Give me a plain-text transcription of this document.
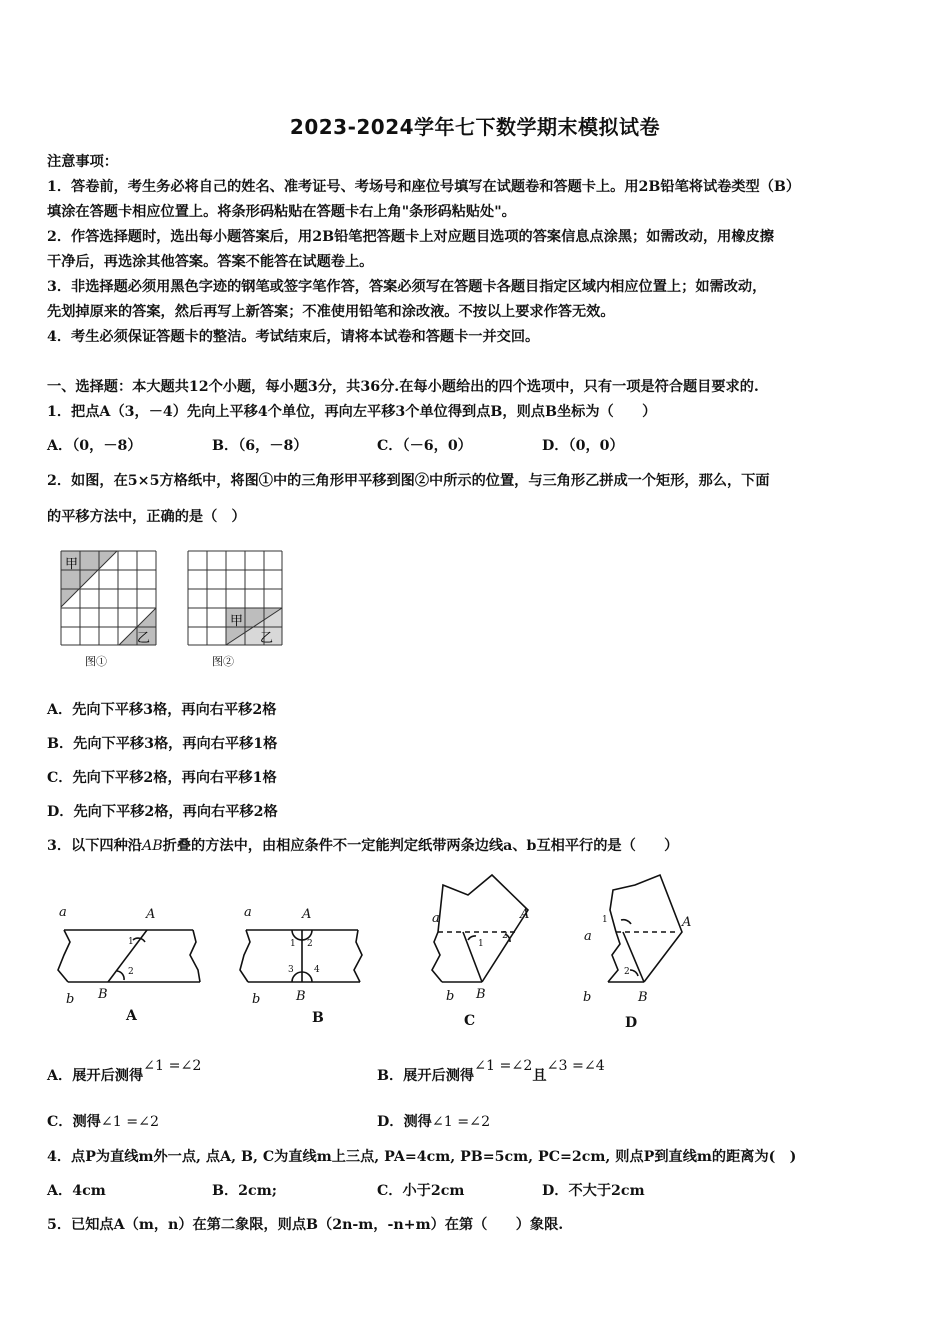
2023-2024学年七下数学期末模拟试卷
注意事项：
1．答卷前，考生务必将自己的姓名、准考证号、考场号和座位号填写在试题卷和答题卡上。用2B铅笔将试卷类型（B）
填涂在答题卡相应位置上。将条形码粘贴在答题卡右上角"条形码粘贴处"。
2．作答选择题时，选出每小题答案后，用2B铅笔把答题卡上对应题目选项的答案信息点涂黑；如需改动，用橡皮擦
干净后，再选涂其他答案。答案不能答在试题卷上。
3．非选择题必须用黑色字迹的钢笔或签字笔作答，答案必须写在答题卡各题目指定区域内相应位置上；如需改动，
先划掉原来的答案，然后再写上新答案；不准使用铅笔和涂改液。不按以上要求作答无效。
4．考生必须保证答题卡的整洁。考试结束后，请将本试卷和答题卡一并交回。
一、选择题：本大题共12个小题，每小题3分，共36分.在每小题给出的四个选项中，只有一项是符合题目要求的.
1．把点A（3，－4）先向上平移4个单位，再向左平移3个单位得到点B，则点B坐标为（　　）
A．（0，－8）	B．（6，－8）	C．（－6，0）	D．（0，0）
2．如图，在5×5方格纸中，将图①中的三角形甲平移到图②中所示的位置，与三角形乙拼成一个矩形，那么，下面
的平移方法中，正确的是（　）
甲
乙
图①
甲
乙
图②
A．先向下平移3格，再向右平移2格
B．先向下平移3格，再向右平移1格
C．先向下平移2格，再向右平移1格
D．先向下平移2格，再向右平移2格
3．以下四种沿AB折叠的方法中，由相应条件不一定能判定纸带两条边线a、b互相平行的是（　　）
a	A
1
2
b B
a	A
1 2
3 4
b	B
a	A
1
2
b B
a
A
1
2
b	B
A	B	C	D
A．展开后测得∠1 =∠2
B．展开后测得∠1 =∠2且∠3 =∠4
C．测得∠1 =∠2	D．测得∠1 =∠2
4．点P为直线m外一点, 点A, B, C为直线m上三点, PA=4cm, PB=5cm, PC=2cm, 则点P到直线m的距离为(　)
A．4cm	B．2cm;	C．小于2cm	D．不大于2cm
5．已知点A（m，n）在第二象限，则点B（2n-m，-n+m）在第（　　）象限.
